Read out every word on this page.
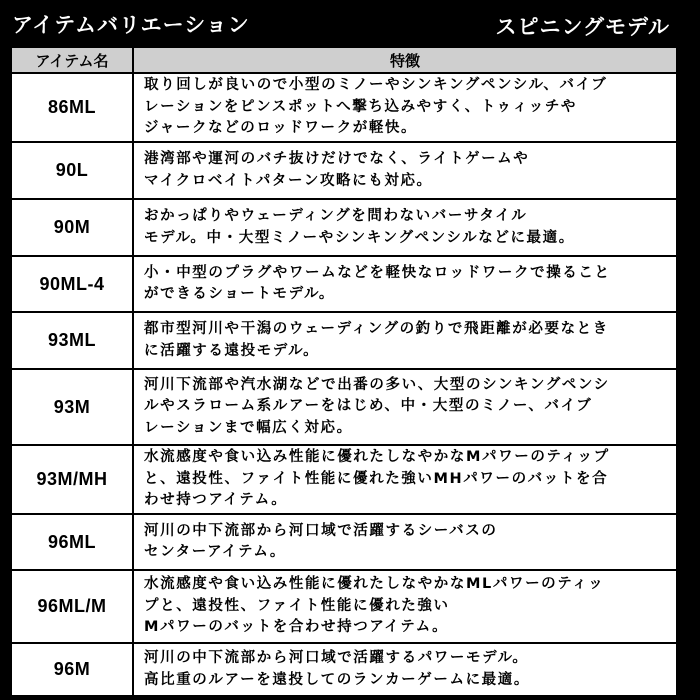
アイテムバリエーション	スピニングモデル
アイテム名	特徴
86ML	取り回しが良いので小型のミノーやシンキングペンシル、バイブ
レーションをピンスポットへ撃ち込みやすく、トゥィッチや
ジャークなどのロッドワークが軽快。

90L	港湾部や運河のバチ抜けだけでなく、ライトゲームや
マイクロベイトパターン攻略にも対応。

90M	おかっぱりやウェーディングを問わないバーサタイル
モデル。中・大型ミノーやシンキングペンシルなどに最適。

90ML-4	小・中型のプラグやワームなどを軽快なロッドワークで操ること
ができるショートモデル。

93ML	都市型河川や干潟のウェーディングの釣りで飛距離が必要なとき
に活躍する遠投モデル。

93M	河川下流部や汽水湖などで出番の多い、大型のシンキングペンシ
ルやスラローム系ルアーをはじめ、中・大型のミノー、バイブ
レーションまで幅広く対応。

93M/MH	水流感度や食い込み性能に優れたしなやかなMパワーのティップ
と、遠投性、ファイト性能に優れた強いMHパワーのバットを合
わせ持つアイテム。

96ML	河川の中下流部から河口域で活躍するシーバスの
センターアイテム。

96ML/M	水流感度や食い込み性能に優れたしなやかなMLパワーのティッ
プと、遠投性、ファイト性能に優れた強い
Mパワーのバットを合わせ持つアイテム。

96M	河川の中下流部から河口域で活躍するパワーモデル。
高比重のルアーを遠投してのランカーゲームに最適。
